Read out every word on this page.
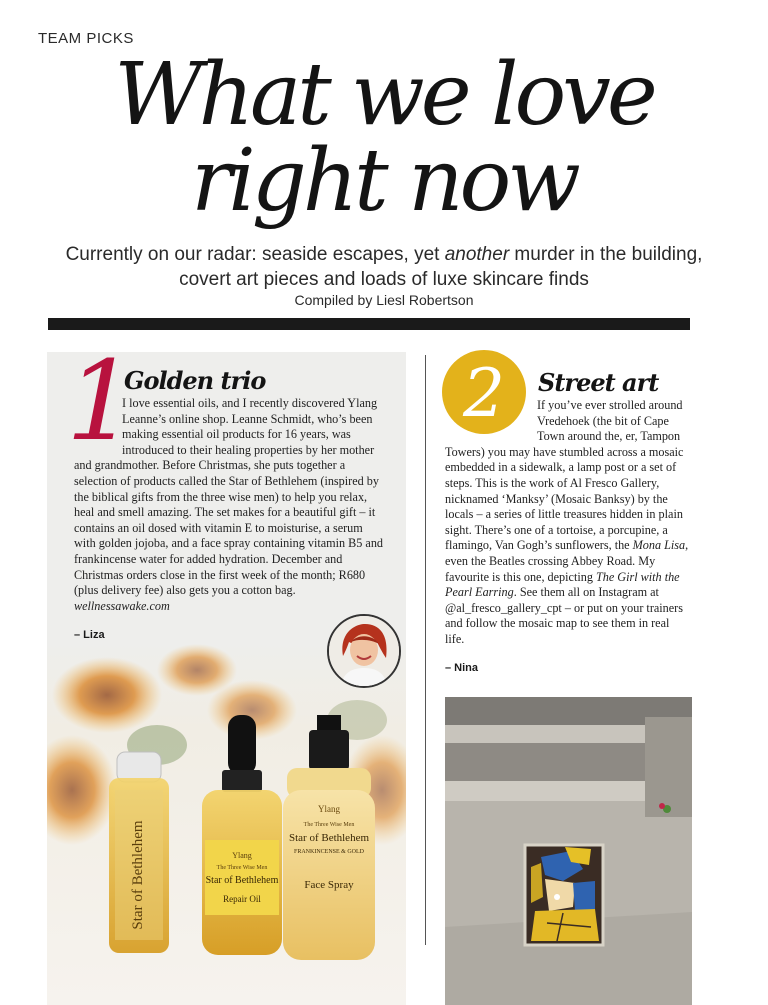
TEAM PICKS
What we love
right now
Currently on our radar: seaside escapes, yet another murder in the building, covert art pieces and loads of luxe skincare finds
Compiled by Liesl Robertson
Star of Bethlehem	Ylang
The Three Wise Men
Star of Bethlehem
Repair Oil
Ylang
The Three Wise Men
Star of Bethlehem
FRANKINCENSE & GOLD
Face Spray
1
Golden trio
I love essential oils, and I recently discovered Ylang Leanne’s online shop. Leanne Schmidt, who’s been making essential oil products for 16 years, was introduced to their healing properties by her mother and grandmother. Before Christmas, she puts together a selection of products called the Star of Bethlehem (inspired by the biblical gifts from the three wise men) to help you relax, heal and smell amazing. The set makes for a beautiful gift – it contains an oil dosed with vitamin E to moisturise, a serum with golden jojoba, and a face spray containing vitamin B5 and frankincense water for added hydration. December and Christmas orders close in the first week of the month; R680 (plus delivery fee) also gets you a cotton bag. wellnessawake.com
– Liza
2	Street art
If you’ve ever strolled around Vredehoek (the bit of Cape Town around the, er, Tampon Towers) you may have stumbled across a mosaic embedded in a sidewalk, a lamp post or a set of steps. This is the work of Al Fresco Gallery, nicknamed ‘Manksy’ (Mosaic Banksy) by the locals – a series of little treasures hidden in plain sight. There’s one of a tortoise, a porcupine, a flamingo, Van Gogh’s sunflowers, the Mona Lisa, even the Beatles crossing Abbey Road. My favourite is this one, depicting The Girl with the Pearl Earring. See them all on Instagram at @al_fresco_gallery_cpt – or put on your trainers and follow the mosaic map to see them in real life.
– Nina
